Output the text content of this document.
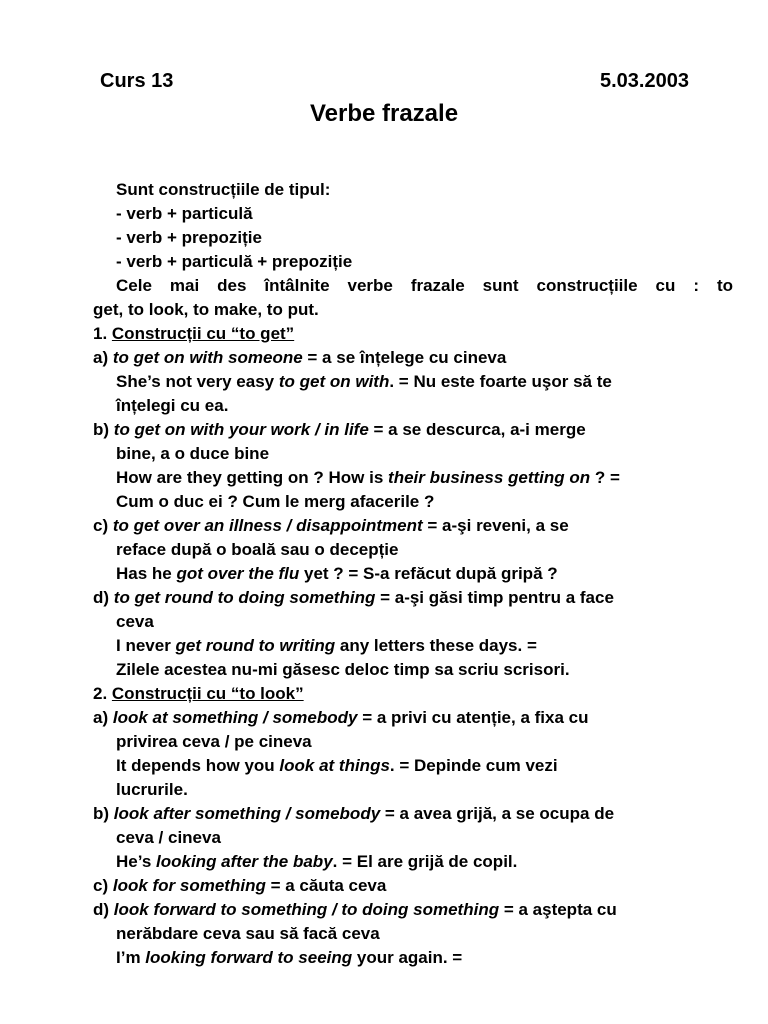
Curs 13	5.03.2003
Verbe frazale
Sunt construcțiile de tipul:
- verb + particulă
- verb + prepoziție
- verb + particulă + prepoziție
Cele mai des întâlnite verbe frazale sunt construcțiile cu : to
get, to look, to make, to put.
1. Construcții cu “to get”
a) to get on with someone = a se înțelege cu cineva
She’s not very easy to get on with. = Nu este foarte uşor să te
înțelegi cu ea.
b) to get on with your work / in life = a se descurca, a-i merge
bine, a o duce bine
How are they getting on ? How is their business getting on ? =
Cum o duc ei ? Cum le merg afacerile ?
c) to get over an illness / disappointment = a-şi reveni, a se
reface după o boală sau o decepție
Has he got over the flu yet ? = S-a refăcut după gripă ?
d) to get round to doing something = a-şi găsi timp pentru a face
ceva
I never get round to writing any letters these days. =
Zilele acestea nu-mi găsesc deloc timp sa scriu scrisori.
2. Construcții cu “to look”
a) look at something / somebody = a privi cu atenție, a fixa cu
privirea ceva / pe cineva
It depends how you look at things. = Depinde cum vezi
lucrurile.
b) look after something / somebody = a avea grijă, a se ocupa de
ceva / cineva
He’s looking after the baby. = El are grijă de copil.
c) look for something = a căuta ceva
d) look forward to something / to doing something = a aştepta cu
nerăbdare ceva sau să facă ceva
I’m looking forward to seeing your again. =
